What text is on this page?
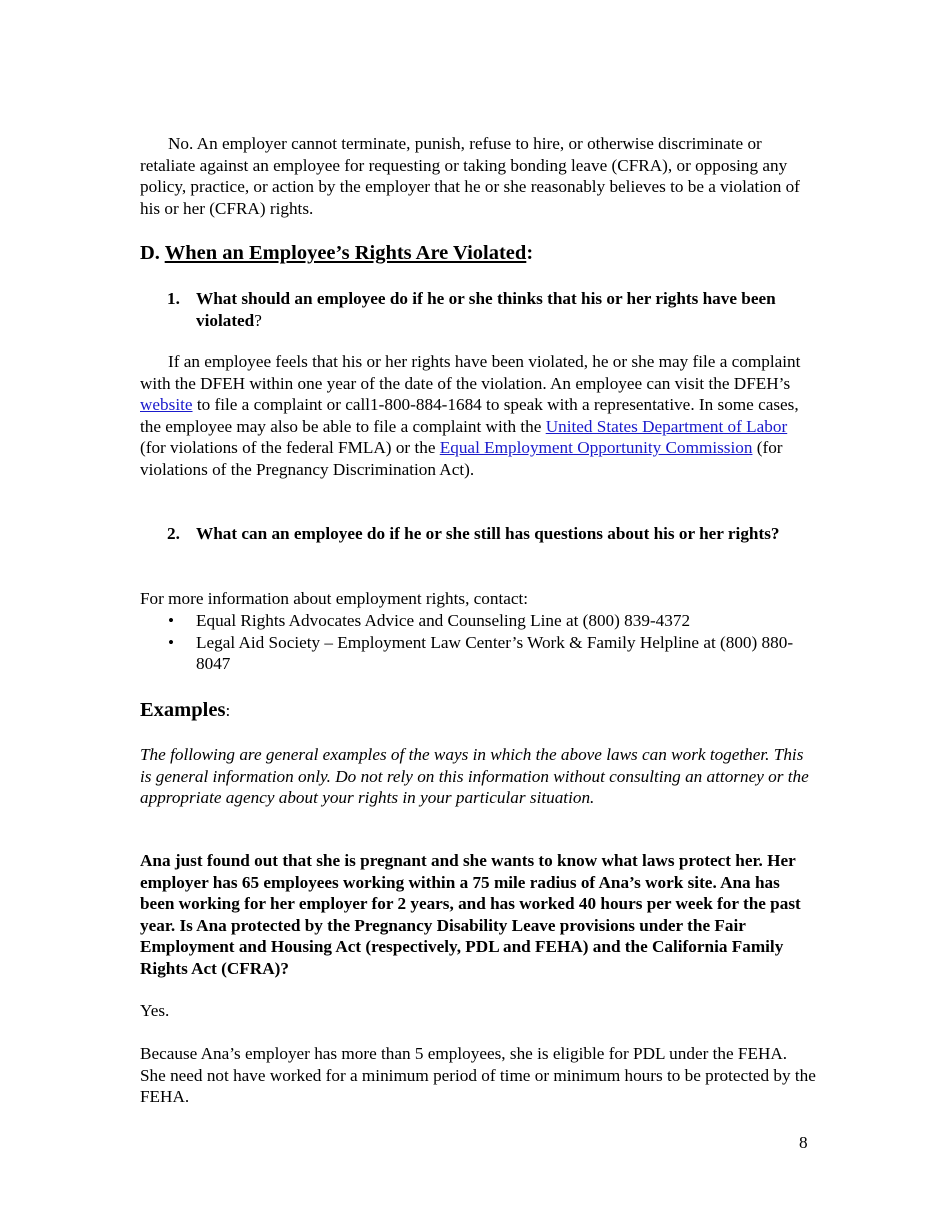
No. An employer cannot terminate, punish, refuse to hire, or otherwise discriminate or retaliate against an employee for requesting or taking bonding leave (CFRA), or opposing any policy, practice, or action by the employer that he or she reasonably believes to be a violation of his or her (CFRA) rights.

D. When an Employee’s Rights Are Violated:
1. What should an employee do if he or she thinks that his or her rights have been violated?

If an employee feels that his or her rights have been violated, he or she may file a complaint with the DFEH within one year of the date of the violation. An employee can visit the DFEH’s website to file a complaint or call1-800-884-1684 to speak with a representative. In some cases, the employee may also be able to file a complaint with the United States Department of Labor (for violations of the federal FMLA) or the Equal Employment Opportunity Commission (for violations of the Pregnancy Discrimination Act).

2. What can an employee do if he or she still has questions about his or her rights?

For more information about employment rights, contact:

• Equal Rights Advocates Advice and Counseling Line at (800) 839-4372
• Legal Aid Society – Employment Law Center’s Work & Family Helpline at (800) 880-8047
Examples:

The following are general examples of the ways in which the above laws can work together. This is general information only. Do not rely on this information without consulting an attorney or the appropriate agency about your rights in your particular situation.

Ana just found out that she is pregnant and she wants to know what laws protect her. Her employer has 65 employees working within a 75 mile radius of Ana’s work site. Ana has been working for her employer for 2 years, and has worked 40 hours per week for the past year. Is Ana protected by the Pregnancy Disability Leave provisions under the Fair Employment and Housing Act (respectively, PDL and FEHA) and the California Family Rights Act (CFRA)?

Yes.

Because Ana’s employer has more than 5 employees, she is eligible for PDL under the FEHA. She need not have worked for a minimum period of time or minimum hours to be protected by the FEHA.

8
